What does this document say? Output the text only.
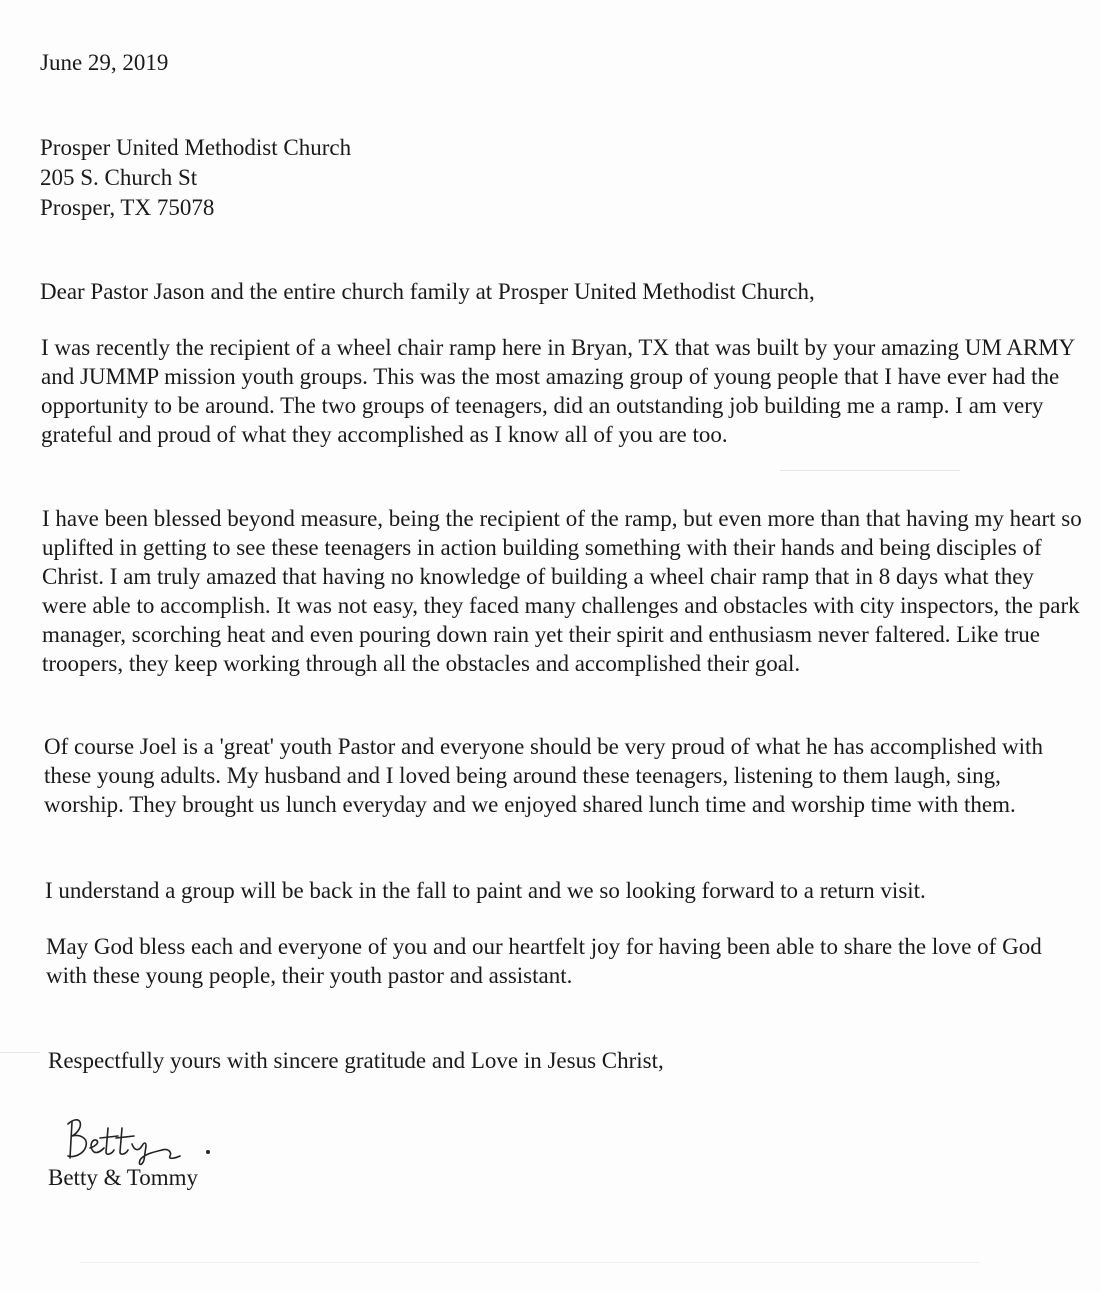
June 29, 2019
Prosper United Methodist Church
205 S. Church St
Prosper, TX 75078
Dear Pastor Jason and the entire church family at Prosper United Methodist Church,

I was recently the recipient of a wheel chair ramp here in Bryan, TX that was built by your amazing UM ARMY and JUMMP mission youth groups. This was the most amazing group of young people that I have ever had the opportunity to be around. The two groups of teenagers, did an outstanding job building me a ramp. I am very grateful and proud of what they accomplished as I know all of you are too.

I have been blessed beyond measure, being the recipient of the ramp, but even more than that having my heart so uplifted in getting to see these teenagers in action building something with their hands and being disciples of Christ. I am truly amazed that having no knowledge of building a wheel chair ramp that in 8 days what they were able to accomplish. It was not easy, they faced many challenges and obstacles with city inspectors, the park manager, scorching heat and even pouring down rain yet their spirit and enthusiasm never faltered. Like true troopers, they keep working through all the obstacles and accomplished their goal.

Of course Joel is a 'great' youth Pastor and everyone should be very proud of what he has accomplished with these young adults. My husband and I loved being around these teenagers, listening to them laugh, sing, worship. They brought us lunch everyday and we enjoyed shared lunch time and worship time with them.

I understand a group will be back in the fall to paint and we so looking forward to a return visit.

May God bless each and everyone of you and our heartfelt joy for having been able to share the love of God with these young people, their youth pastor and assistant.

Respectfully yours with sincere gratitude and Love in Jesus Christ,
Betty & Tommy
